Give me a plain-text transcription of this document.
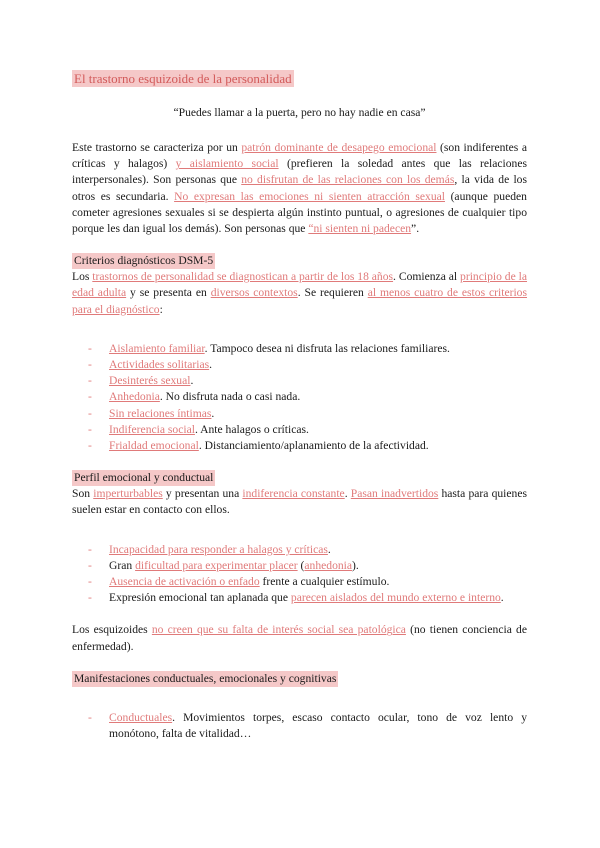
El trastorno esquizoide de la personalidad
“Puedes llamar a la puerta, pero no hay nadie en casa”

Este trastorno se caracteriza por un patrón dominante de desapego emocional (son indiferentes a críticas y halagos) y aislamiento social (prefieren la soledad antes que las relaciones interpersonales). Son personas que no disfrutan de las relaciones con los demás, la vida de los otros es secundaria. No expresan las emociones ni sienten atracción sexual (aunque pueden cometer agresiones sexuales si se despierta algún instinto puntual, o agresiones de cualquier tipo porque les dan igual los demás). Son personas que “ni sienten ni padecen”.

Criterios diagnósticos DSM-5

Los trastornos de personalidad se diagnostican a partir de los 18 años. Comienza al principio de la edad adulta y se presenta en diversos contextos. Se requieren al menos cuatro de estos criterios para el diagnóstico:

- Aislamiento familiar. Tampoco desea ni disfruta las relaciones familiares.
- Actividades solitarias.
- Desinterés sexual.
- Anhedonia. No disfruta nada o casi nada.
- Sin relaciones íntimas.
- Indiferencia social. Ante halagos o críticas.
- Frialdad emocional. Distanciamiento/aplanamiento de la afectividad.
Perfil emocional y conductual

Son imperturbables y presentan una indiferencia constante. Pasan inadvertidos hasta para quienes suelen estar en contacto con ellos.

- Incapacidad para responder a halagos y críticas.
- Gran dificultad para experimentar placer (anhedonia).
- Ausencia de activación o enfado frente a cualquier estímulo.
- Expresión emocional tan aplanada que parecen aislados del mundo externo e interno.

Los esquizoides no creen que su falta de interés social sea patológica (no tienen conciencia de enfermedad).

Manifestaciones conductuales, emocionales y cognitivas
- Conductuales. Movimientos torpes, escaso contacto ocular, tono de voz lento y monótono, falta de vitalidad…
